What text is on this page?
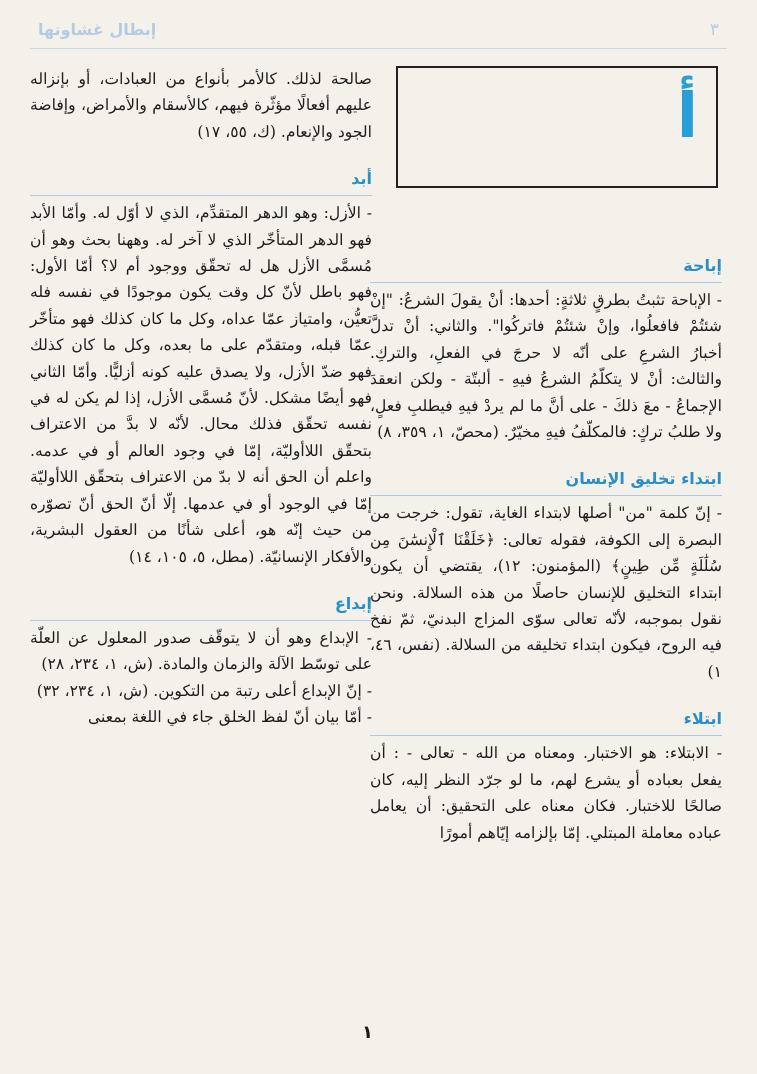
٣
إبطال غشاوتها
أ
إباحة

- الإباحة تثبتُ بطرقٍ ثلاثةٍ: أحدها: أنْ يقولَ الشرعُ: "إنْ شئتُمْ فافعلُوا، وإنْ شئتُمْ فاتركُوا". والثاني: أنْ تدلَّ أخبارُ الشرعِ على أنّه لا حرجَ في الفعلِ، والتركِ. والثالث: أنْ لا يتكلّمُ الشرعُ فيهِ - ألبتّة - ولكن انعقدَ الإجماعُ - معَ ذلكَ - على أنَّ ما لم يردْ فيهِ فيطلبِ فعلٍ، ولا طلبُ تركٍ: فالمكلّفُ فيهِ مخيّرٌ. (محصّ، ١، ٣٥٩، ٨)

ابتداء تخليق الإنسان

- إنّ كلمة "من" أصلها لابتداء الغاية، تقول: خرجت من البصرة إلى الكوفة، فقوله تعالى: ﴿خَلَقْنَا ٱلْإِنسَٰنَ مِن سُلَٰلَةٍ مِّن طِينٍ﴾ (المؤمنون: ١٢)، يقتضي أن يكون ابتداء التخليق للإنسان حاصلًا من هذه السلالة. ونحن نقول بموجبه، لأنّه تعالى سوّى المزاج البدنيّ، ثمّ نفخ فيه الروح، فيكون ابتداء تخليقه من السلالة. (نفس، ٤٦، ١)

ابتلاء

- الابتلاء: هو الاختبار. ومعناه من الله - تعالى - : أن يفعل بعباده أو يشرع لهم، ما لو جرّد النظر إليه، كان صالحًا للاختبار. فكان معناه على التحقيق: أن يعامل عباده معاملة المبتلي. إمّا بإلزامه إيّاهم أمورًا

صالحة لذلك. كالأمر بأنواع من العبادات، أو بإنزاله عليهم أفعالًا مؤثّرة فيهم، كالأسقام والأمراض، وإفاضة الجود والإنعام. (ك، ٥٥، ١٧)

أبد

- الأزل: وهو الدهر المتقدِّم، الذي لا أوّل له. وأمّا الأبد فهو الدهر المتأخّر الذي لا آخر له. وههنا بحث وهو أن مُسمَّى الأزل هل له تحقّق ووجود أم لا؟ أمّا الأول: فهو باطل لأنّ كل وقت يكون موجودًا في نفسه فله تعيُّن، وامتياز عمّا عداه، وكل ما كان كذلك فهو متأخّر عمّا قبله، ومتقدّم على ما بعده، وكل ما كان كذلك فهو ضدّ الأزل، ولا يصدق عليه كونه أزليًّا. وأمّا الثاني فهو أيضًا مشكل. لأنّ مُسمَّى الأزل، إذا لم يكن له في نفسه تحقّق فذلك محال. لأنّه لا بدَّ من الاعتراف بتحقّق اللاأوليّة، إمّا في وجود العالم أو في عدمه. واعلم أن الحق أنه لا بدّ من الاعتراف بتحقّق اللاأوليّة إمّا في الوجود أو في عدمها. إلّا أنّ الحق أنّ تصوّره من حيث إنّه هو، أعلى شأنًا من العقول البشرية، والأفكار الإنسانيّة. (مطل، ٥، ١٠٥، ١٤)

إبداع

- الإبداع وهو أن لا يتوقّف صدور المعلول عن العلّة على توسّط الآلة والزمان والمادة. (ش، ١، ٢٣٤، ٢٨)

- إنّ الإبداع أعلى رتبة من التكوين. (ش، ١، ٢٣٤، ٣٢)

- أمّا بيان أنّ لفظ الخلق جاء في اللغة بمعنى

١
